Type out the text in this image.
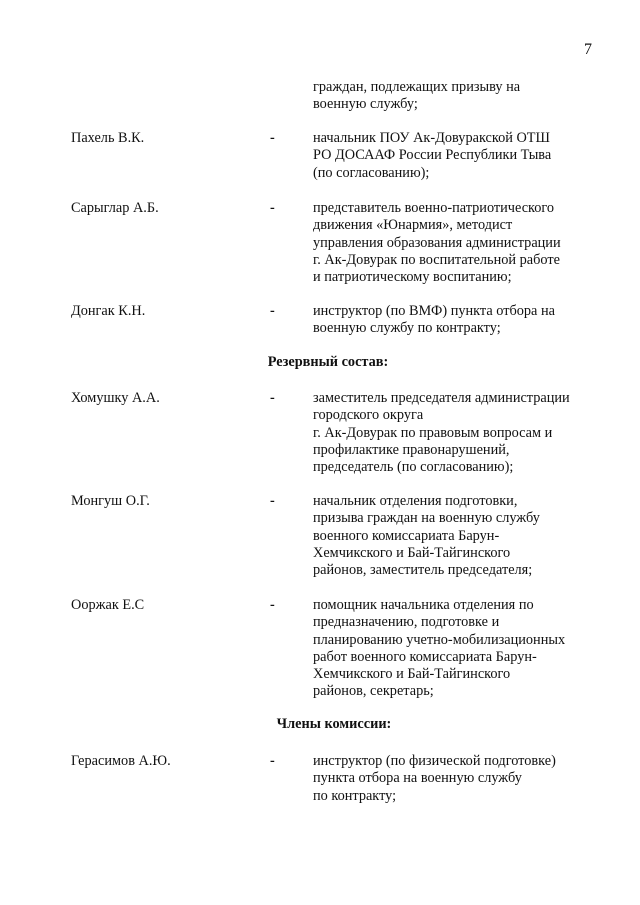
7
граждан, подлежащих призыву на
военную службу;
Пахель В.К.	-	начальник ПОУ Ак-Довуракской ОТШ
РО ДОСААФ России Республики Тыва
(по согласованию);
Сарыглар А.Б.	-	представитель военно-патриотического
движения «Юнармия», методист
управления образования администрации
г. Ак-Довурак по воспитательной работе
и патриотическому воспитанию;
Донгак К.Н.	-	инструктор (по ВМФ) пункта отбора на
военную службу по контракту;
Резервный состав:
Хомушку А.А.	-	заместитель председателя администрации
городского округа
г. Ак-Довурак по правовым вопросам и
профилактике правонарушений,
председатель (по согласованию);
Монгуш О.Г.	-	начальник отделения подготовки,
призыва граждан на военную службу
военного комиссариата Барун-
Хемчикского и Бай-Тайгинского
районов, заместитель председателя;
Ооржак Е.С	-	помощник начальника отделения по
предназначению, подготовке и
планированию учетно-мобилизационных
работ военного комиссариата Барун-
Хемчикского и Бай-Тайгинского
районов, секретарь;
Члены комиссии:
Герасимов А.Ю.	-	инструктор (по физической подготовке)
пункта отбора на военную службу
по контракту;
